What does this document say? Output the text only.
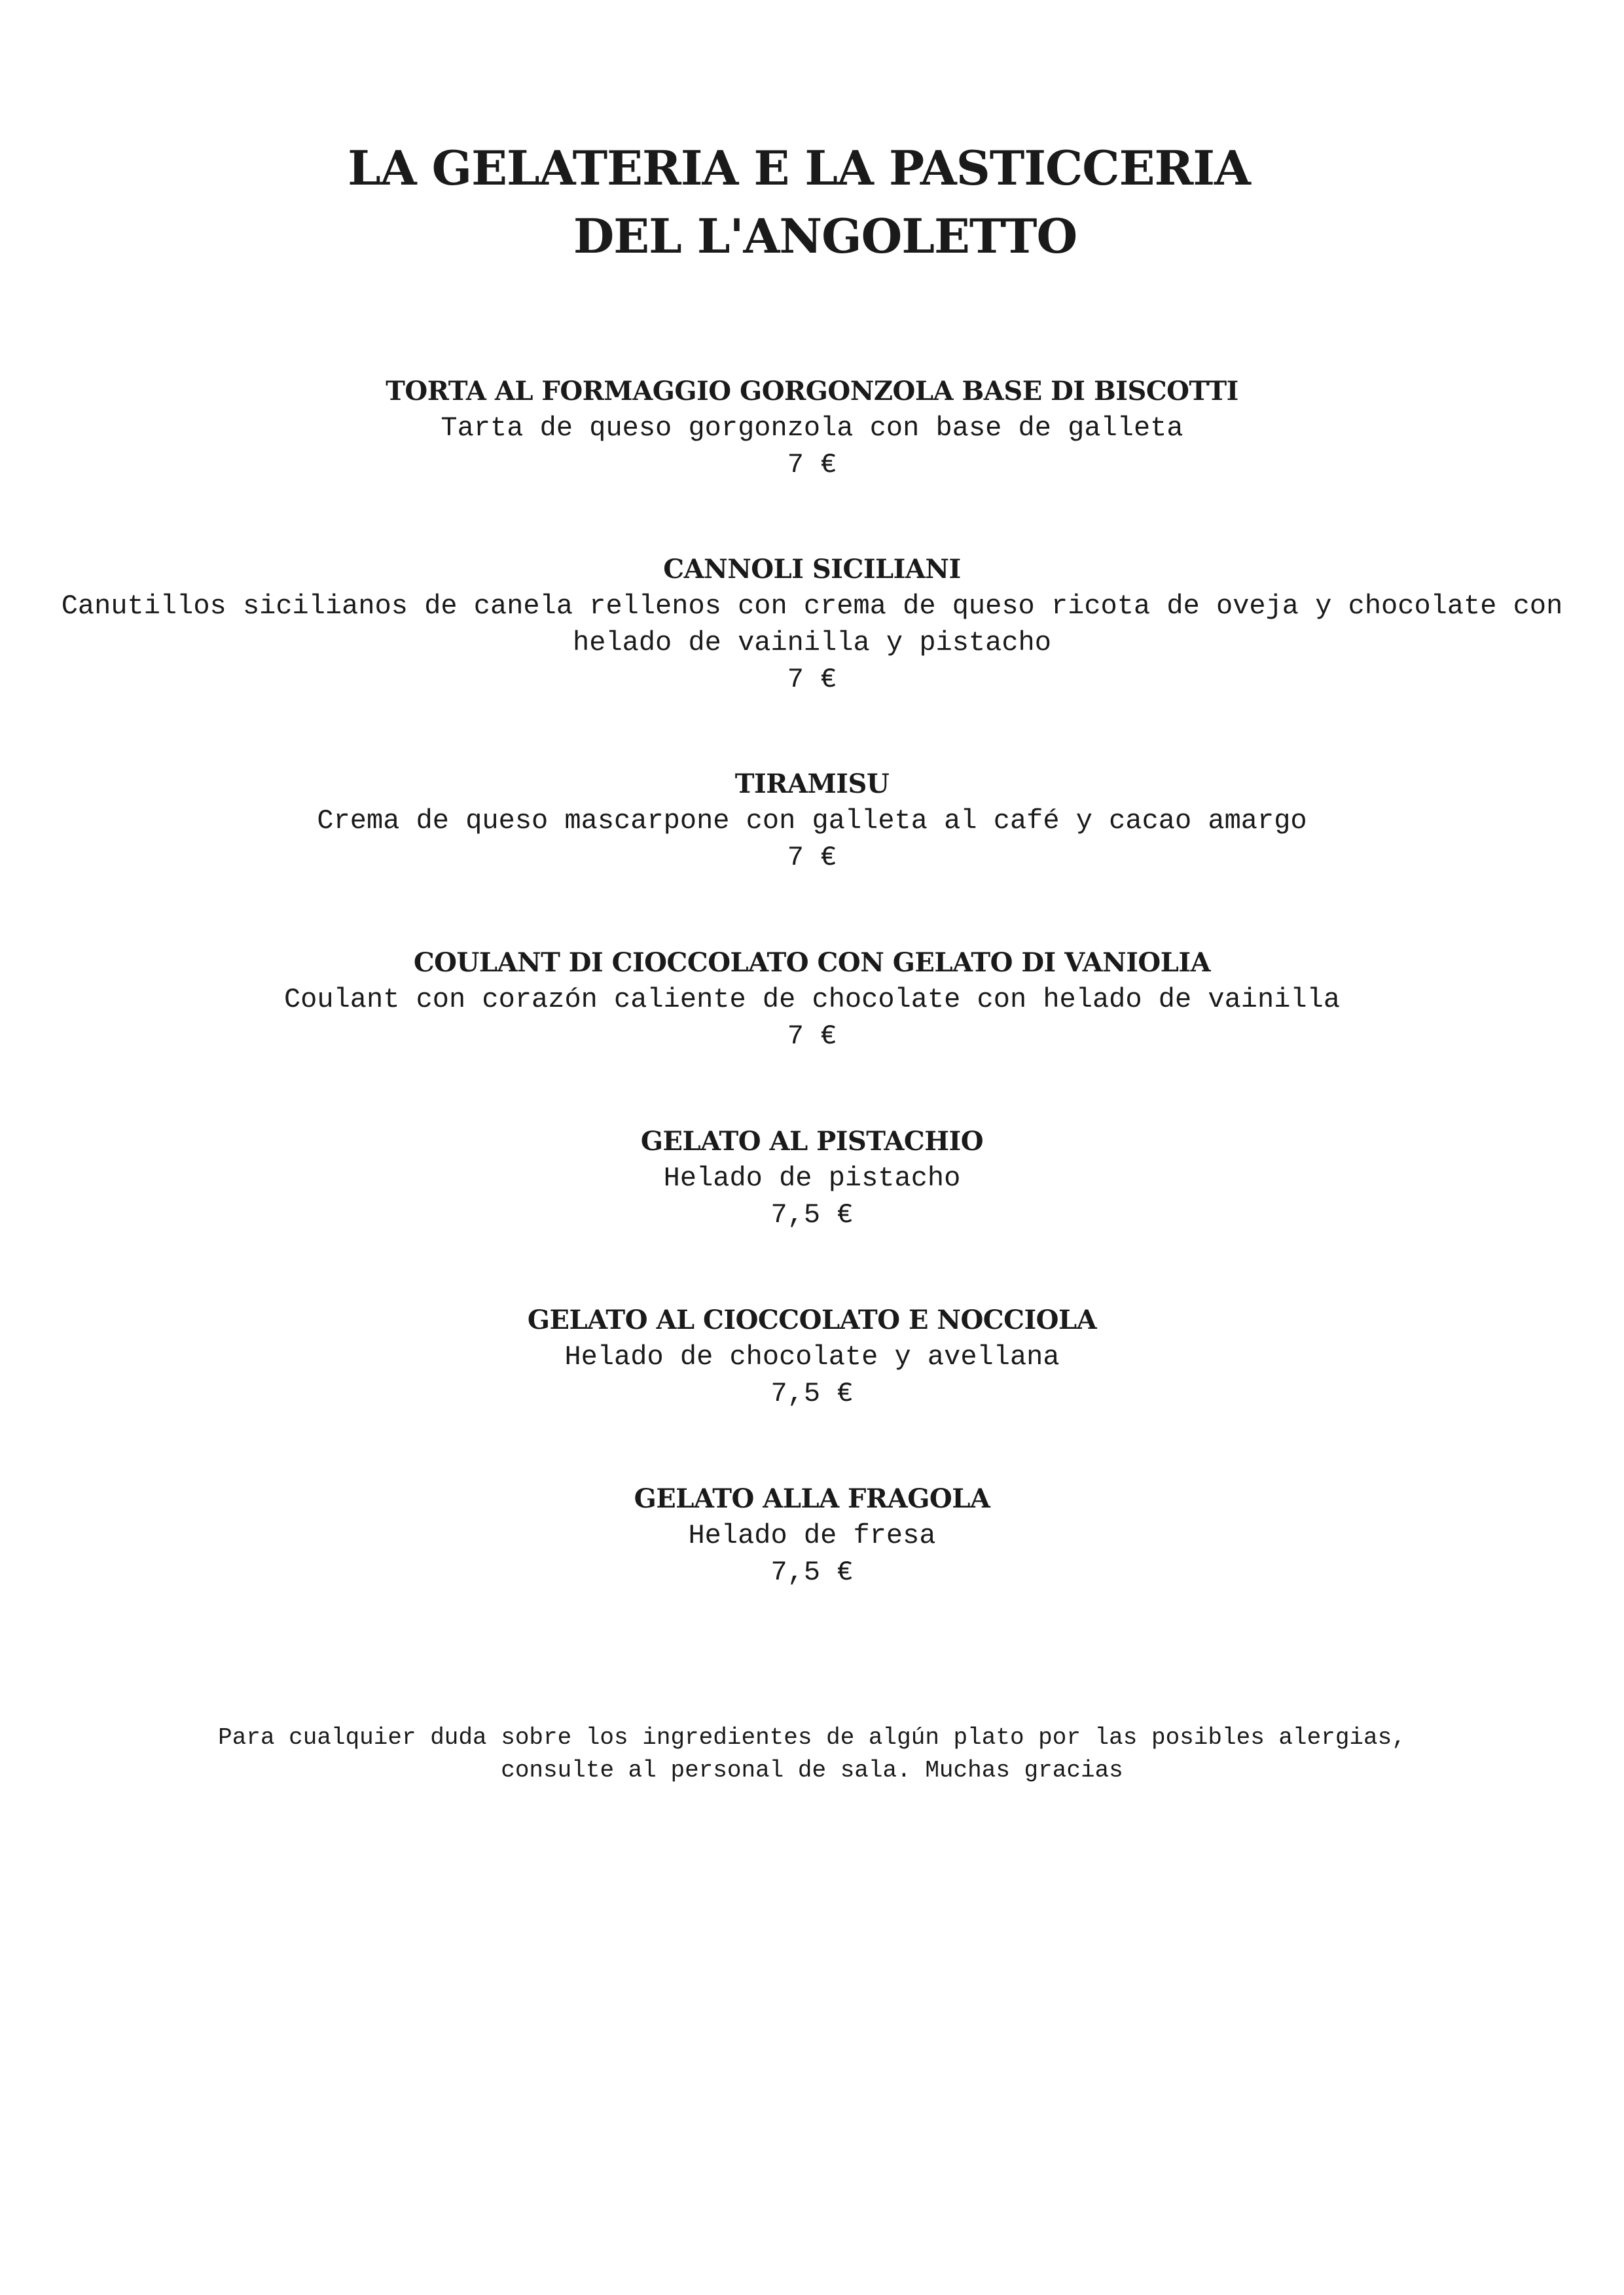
LA GELATERIA E LA PASTICCERIA
DEL L'ANGOLETTO
TORTA AL FORMAGGIO GORGONZOLA BASE DI BISCOTTI
Tarta de queso gorgonzola con base de galleta
7 €
CANNOLI SICILIANI
Canutillos sicilianos de canela rellenos con crema de queso ricota de oveja y chocolate con helado de vainilla y pistacho
7 €
TIRAMISU
Crema de queso mascarpone con galleta al café y cacao amargo
7 €
COULANT DI CIOCCOLATO CON GELATO DI VANIOLIA
Coulant con corazón caliente de chocolate con helado de vainilla
7 €
GELATO AL PISTACHIO
Helado de pistacho
7,5 €
GELATO AL CIOCCOLATO E NOCCIOLA
Helado de chocolate y avellana
7,5 €
GELATO ALLA FRAGOLA
Helado de fresa
7,5 €
Para cualquier duda sobre los ingredientes de algún plato por las posibles alergias,
consulte al personal de sala. Muchas gracias
